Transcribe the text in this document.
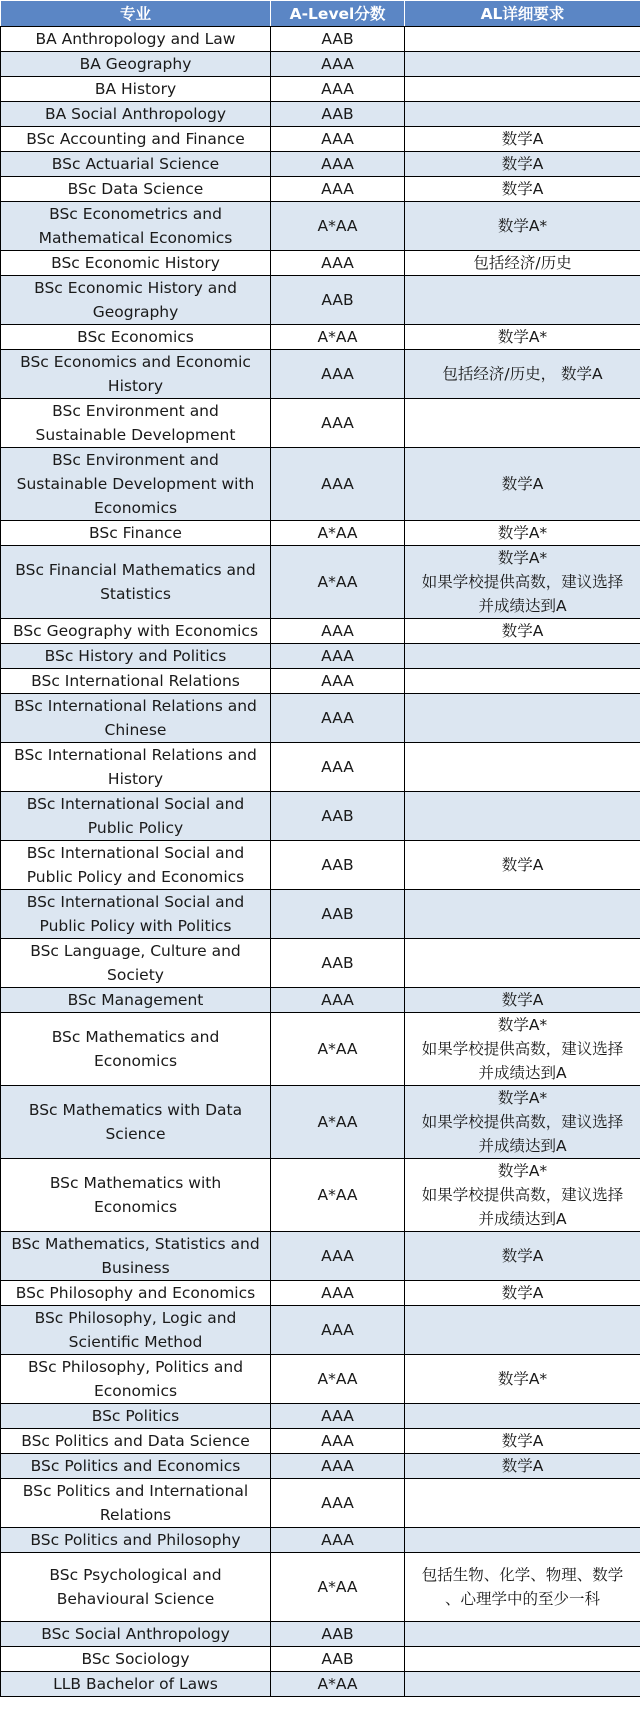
专业	A-Level分数	AL详细要求

BA Anthropology and Law	AAB	

BA Geography	AAA	

BA History	AAA	

BA Social Anthropology	AAB	

BSc Accounting and Finance	AAA	数学A

BSc Actuarial Science	AAA	数学A

BSc Data Science	AAA	数学A

BSc Econometrics and
Mathematical Economics	A*AA	数学A*

BSc Economic History	AAA	包括经济/历史

BSc Economic History and
Geography	AAB	

BSc Economics	A*AA	数学A*

BSc Economics and Economic
History	AAA	包括经济/历史， 数学A

BSc Environment and
Sustainable Development	AAA	

BSc Environment and
Sustainable Development with
Economics	AAA	数学A

BSc Finance	A*AA	数学A*

BSc Financial Mathematics and
Statistics	A*AA	数学A*
如果学校提供高数，建议选择
并成绩达到A

BSc Geography with Economics	AAA	数学A

BSc History and Politics	AAA	

BSc International Relations	AAA	

BSc International Relations and
Chinese	AAA	

BSc International Relations and
History	AAA	

BSc International Social and
Public Policy	AAB	

BSc International Social and
Public Policy and Economics	AAB	数学A

BSc International Social and
Public Policy with Politics	AAB	

BSc Language, Culture and
Society	AAB	

BSc Management	AAA	数学A

BSc Mathematics and
Economics	A*AA	数学A*
如果学校提供高数，建议选择
并成绩达到A

BSc Mathematics with Data
Science	A*AA	数学A*
如果学校提供高数，建议选择
并成绩达到A

BSc Mathematics with
Economics	A*AA	数学A*
如果学校提供高数，建议选择
并成绩达到A

BSc Mathematics, Statistics and
Business	AAA	数学A

BSc Philosophy and Economics	AAA	数学A

BSc Philosophy, Logic and
Scientific Method	AAA	

BSc Philosophy, Politics and
Economics	A*AA	数学A*

BSc Politics	AAA	

BSc Politics and Data Science	AAA	数学A

BSc Politics and Economics	AAA	数学A

BSc Politics and International
Relations	AAA	

BSc Politics and Philosophy	AAA	

BSc Psychological and
Behavioural Science	A*AA	包括生物、化学、物理、数学
、心理学中的至少一科

BSc Social Anthropology	AAB	

BSc Sociology	AAB	

LLB Bachelor of Laws	A*AA	
